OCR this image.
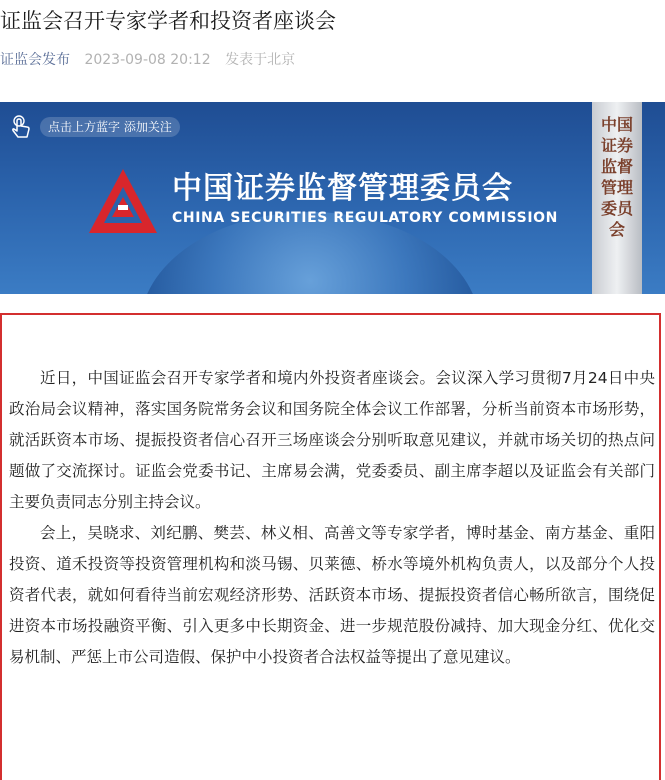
证监会召开专家学者和投资者座谈会
证监会发布 2023-09-08 20:12 发表于北京
中国证券监督管理委员会
点击上方蓝字 添加关注
中国证券监督管理委员会
CHINA SECURITIES REGULATORY COMMISSION

近日，中国证监会召开专家学者和境内外投资者座谈会。会议深入学习贯彻7月24日中央政治局会议精神，落实国务院常务会议和国务院全体会议工作部署，分析当前资本市场形势，就活跃资本市场、提振投资者信心召开三场座谈会分别听取意见建议，并就市场关切的热点问题做了交流探讨。证监会党委书记、主席易会满，党委委员、副主席李超以及证监会有关部门主要负责同志分别主持会议。

会上，吴晓求、刘纪鹏、樊芸、林义相、高善文等专家学者，博时基金、南方基金、重阳投资、道禾投资等投资管理机构和淡马锡、贝莱德、桥水等境外机构负责人，以及部分个人投资者代表，就如何看待当前宏观经济形势、活跃资本市场、提振投资者信心畅所欲言，围绕促进资本市场投融资平衡、引入更多中长期资金、进一步规范股份减持、加大现金分红、优化交易机制、严惩上市公司造假、保护中小投资者合法权益等提出了意见建议。
